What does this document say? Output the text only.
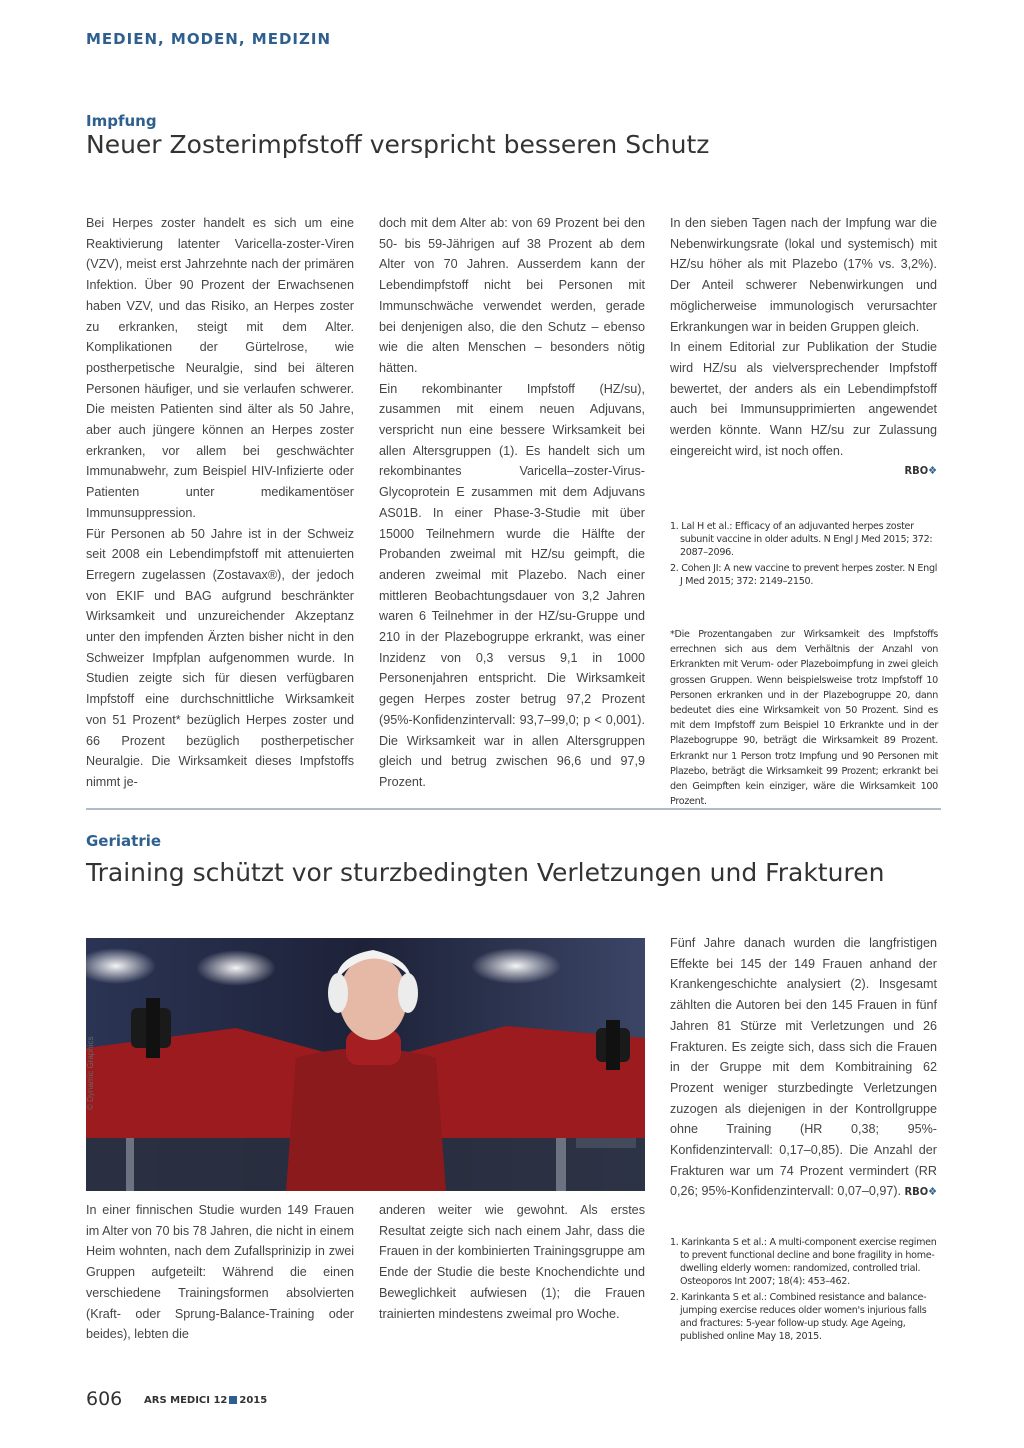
MEDIEN, MODEN, MEDIZIN
Impfung
Neuer Zosterimpfstoff verspricht besseren Schutz

Bei Herpes zoster handelt es sich um eine Reaktivierung latenter Varicella-zoster-Viren (VZV), meist erst Jahrzehnte nach der primären Infektion. Über 90 Prozent der Erwachsenen haben VZV, und das Risiko, an Herpes zoster zu erkranken, steigt mit dem Alter. Komplikationen der Gürtelrose, wie postherpetische Neuralgie, sind bei älteren Personen häufiger, und sie verlaufen schwerer. Die meisten Patienten sind älter als 50 Jahre, aber auch jüngere können an Herpes zoster erkranken, vor allem bei geschwächter Immunabwehr, zum Beispiel HIV-Infizierte oder Patienten unter medikamentöser Immunsuppression.

Für Personen ab 50 Jahre ist in der Schweiz seit 2008 ein Lebendimpfstoff mit attenuierten Erregern zugelassen (Zostavax®), der jedoch von EKIF und BAG aufgrund beschränkter Wirksamkeit und unzureichender Akzeptanz unter den impfenden Ärzten bisher nicht in den Schweizer Impfplan aufgenommen wurde. In Studien zeigte sich für diesen verfügbaren Impfstoff eine durchschnittliche Wirksamkeit von 51 Prozent* bezüglich Herpes zoster und 66 Prozent bezüglich postherpetischer Neuralgie. Die Wirksamkeit dieses Impfstoffs nimmt je-

doch mit dem Alter ab: von 69 Prozent bei den 50- bis 59-Jährigen auf 38 Prozent ab dem Alter von 70 Jahren. Ausserdem kann der Lebendimpfstoff nicht bei Personen mit Immunschwäche verwendet werden, gerade bei denjenigen also, die den Schutz – ebenso wie die alten Menschen – besonders nötig hätten.

Ein rekombinanter Impfstoff (HZ/su), zusammen mit einem neuen Adjuvans, verspricht nun eine bessere Wirksamkeit bei allen Altersgruppen (1). Es handelt sich um rekombinantes Varicella–zoster-Virus-Glycoprotein E zusammen mit dem Adjuvans AS01B. In einer Phase-3-Studie mit über 15000 Teilnehmern wurde die Hälfte der Probanden zweimal mit HZ/su geimpft, die anderen zweimal mit Plazebo. Nach einer mittleren Beobachtungsdauer von 3,2 Jahren waren 6 Teilnehmer in der HZ/su-Gruppe und 210 in der Plazebogruppe erkrankt, was einer Inzidenz von 0,3 versus 9,1 in 1000 Personenjahren entspricht. Die Wirksamkeit gegen Herpes zoster betrug 97,2 Prozent (95%-Konfidenzintervall: 93,7–99,0; p < 0,001). Die Wirksamkeit war in allen Altersgruppen gleich und betrug zwischen 96,6 und 97,9 Prozent.

In den sieben Tagen nach der Impfung war die Nebenwirkungsrate (lokal und systemisch) mit HZ/su höher als mit Plazebo (17% vs. 3,2%). Der Anteil schwerer Nebenwirkungen und möglicherweise immunologisch verursachter Erkrankungen war in beiden Gruppen gleich.

In einem Editorial zur Publikation der Studie wird HZ/su als vielversprechender Impfstoff bewertet, der anders als ein Lebendimpfstoff auch bei Immunsupprimierten angewendet werden könnte. Wann HZ/su zur Zulassung eingereicht wird, ist noch offen.

RBO❖
1. Lal H et al.: Efficacy of an adjuvanted herpes zoster subunit vaccine in older adults. N Engl J Med 2015; 372: 2087–2096.
2. Cohen JI: A new vaccine to prevent herpes zoster. N Engl J Med 2015; 372: 2149–2150.
*Die Prozentangaben zur Wirksamkeit des Impfstoffs errechnen sich aus dem Verhältnis der Anzahl von Erkrankten mit Verum- oder Plazeboimpfung in zwei gleich grossen Gruppen. Wenn beispielsweise trotz Impfstoff 10 Personen erkranken und in der Plazebogruppe 20, dann bedeutet dies eine Wirksamkeit von 50 Prozent. Sind es mit dem Impfstoff zum Beispiel 10 Erkrankte und in der Plazebogruppe 90, beträgt die Wirksamkeit 89 Prozent. Erkrankt nur 1 Person trotz Impfung und 90 Personen mit Plazebo, beträgt die Wirksamkeit 99 Prozent; erkrankt bei den Geimpften kein einziger, wäre die Wirksamkeit 100 Prozent.
Geriatrie
Training schützt vor sturzbedingten Verletzungen und Frakturen
© Dynamic Graphics

In einer finnischen Studie wurden 149 Frauen im Alter von 70 bis 78 Jahren, die nicht in einem Heim wohnten, nach dem Zufallsprinizip in zwei Gruppen aufgeteilt: Während die einen verschiedene Trainingsformen absolvierten (Kraft- oder Sprung-Balance-Training oder beides), lebten die

anderen weiter wie gewohnt. Als erstes Resultat zeigte sich nach einem Jahr, dass die Frauen in der kombinierten Trainingsgruppe am Ende der Studie die beste Knochendichte und Beweglichkeit aufwiesen (1); die Frauen trainierten mindestens zweimal pro Woche.

Fünf Jahre danach wurden die langfristigen Effekte bei 145 der 149 Frauen anhand der Krankengeschichte analysiert (2). Insgesamt zählten die Autoren bei den 145 Frauen in fünf Jahren 81 Stürze mit Verletzungen und 26 Frakturen. Es zeigte sich, dass sich die Frauen in der Gruppe mit dem Kombitraining 62 Prozent weniger sturzbedingte Verletzungen zuzogen als diejenigen in der Kontrollgruppe ohne Training (HR 0,38; 95%-Konfidenzintervall: 0,17–0,85). Die Anzahl der Frakturen war um 74 Prozent vermindert (RR 0,26; 95%-Konfidenzintervall: 0,07–0,97). RBO❖
1. Karinkanta S et al.: A multi-component exercise regimen to prevent functional decline and bone fragility in home-dwelling elderly women: randomized, controlled trial. Osteoporos Int 2007; 18(4): 453–462.
2. Karinkanta S et al.: Combined resistance and balance-jumping exercise reduces older women's injurious falls and fractures: 5-year follow-up study. Age Ageing, published online May 18, 2015.
606 ARS MEDICI 12 2015
